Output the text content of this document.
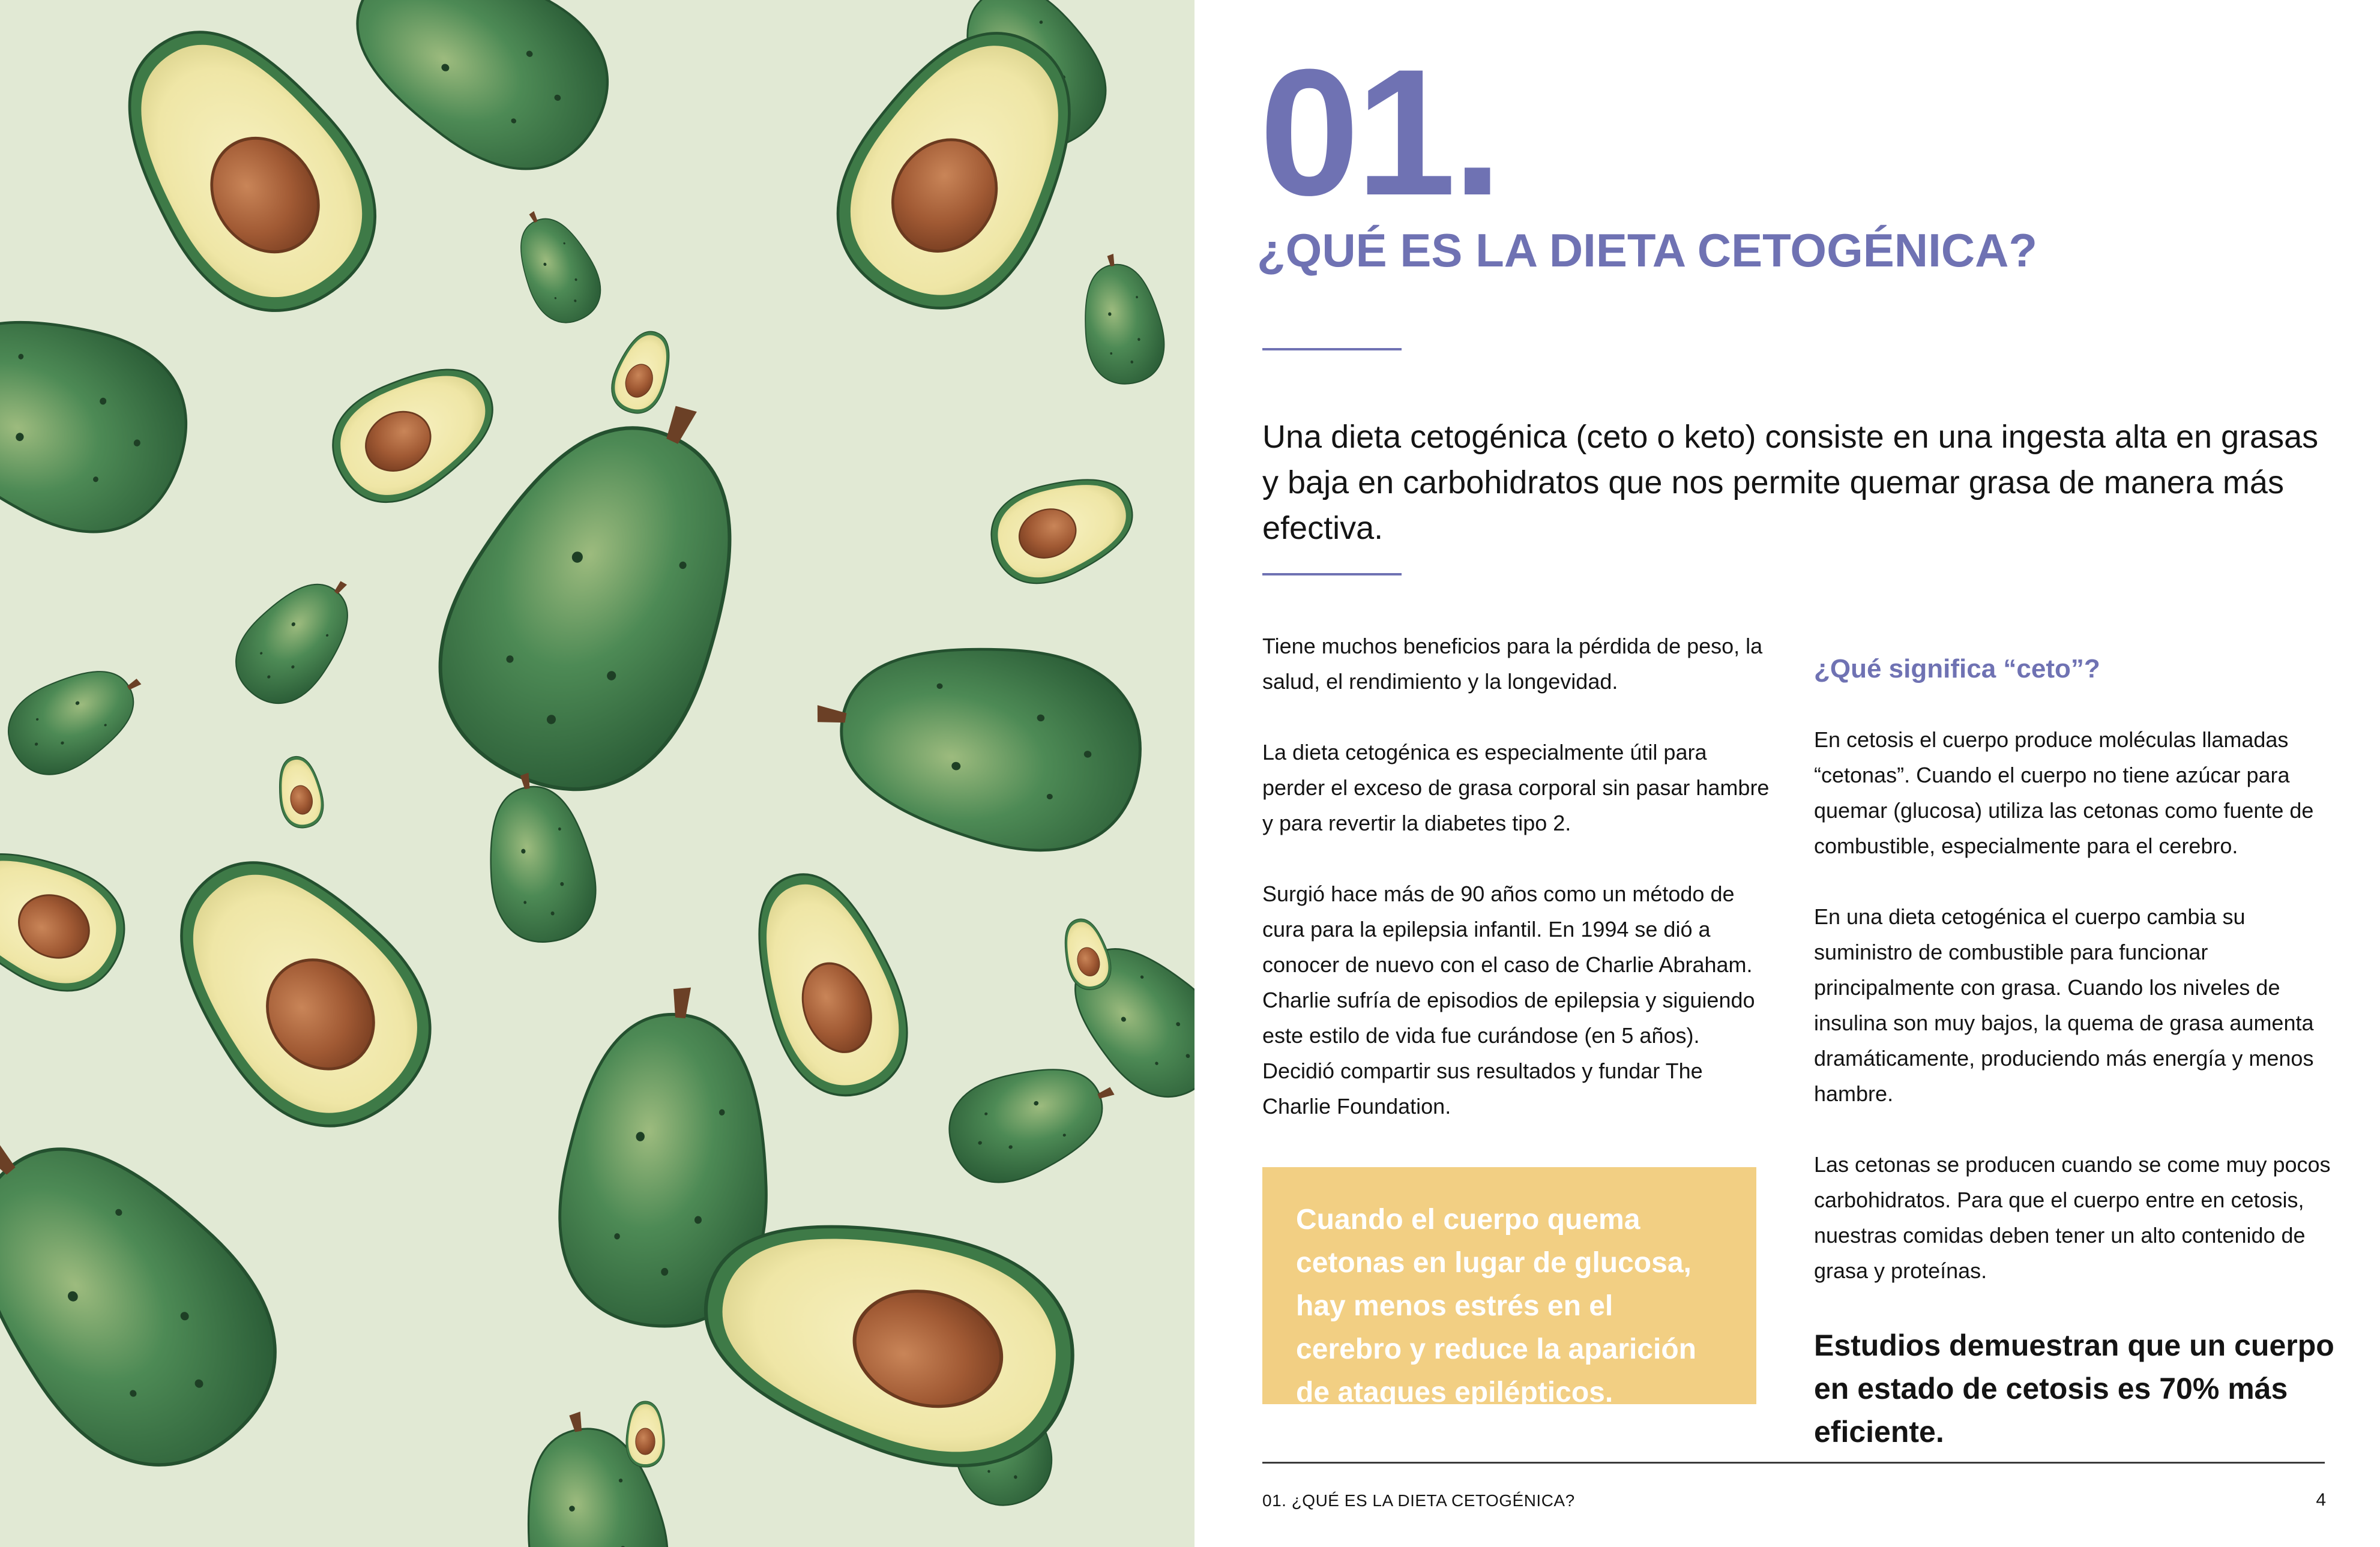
01.
¿QUÉ ES LA DIETA CETOGÉNICA?

Una dieta cetogénica (ceto o keto) consiste en una ingesta alta en grasas y baja en carbohidratos que nos permite quemar grasa de manera más efectiva.

Tiene muchos beneficios para la pérdida de peso, la salud, el rendimiento y la longevidad.

La dieta cetogénica es especialmente útil para perder el exceso de grasa corporal sin pasar hambre y para revertir la diabetes tipo 2.

Surgió hace más de 90 años como un método de cura para la epilepsia infantil. En 1994 se dió a conocer de nuevo con el caso de Charlie Abraham. Charlie sufría de episodios de epilepsia y siguiendo este estilo de vida fue curándose (en 5 años). Decidió compartir sus resultados y fundar The Charlie Foundation.

Cuando el cuerpo quema cetonas en lugar de glucosa, hay menos estrés en el cerebro y reduce la aparición de ataques epilépticos.

¿Qué significa “ceto”?

En cetosis el cuerpo produce moléculas llamadas “cetonas”. Cuando el cuerpo no tiene azúcar para quemar (glucosa) utiliza las cetonas como fuente de combustible, especialmente para el cerebro.

En una dieta cetogénica el cuerpo cambia su suministro de combustible para funcionar principalmente con grasa. Cuando los niveles de insulina son muy bajos, la quema de grasa aumenta dramáticamente, produciendo más energía y menos hambre.

Las cetonas se producen cuando se come muy pocos carbohidratos. Para que el cuerpo entre en cetosis, nuestras comidas deben tener un alto contenido de grasa y proteínas.

Estudios demuestran que un cuerpo en estado de cetosis es 70% más eficiente.

01. ¿QUÉ ES LA DIETA CETOGÉNICA?	4
